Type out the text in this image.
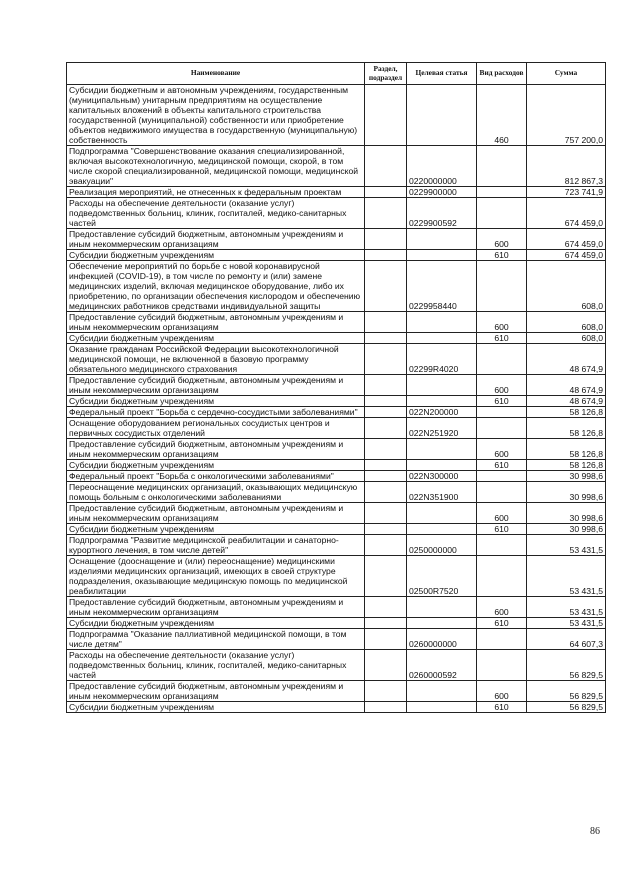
Наименование	Раздел, подраздел	Целевая статья	Вид расходов	Сумма
Субсидии бюджетным и автономным учреждениям, государственным (муниципальным) унитарным предприятиям на осуществление капитальных вложений в объекты капитального строительства государственной (муниципальной) собственности или приобретение объектов недвижимого имущества в государственную (муниципальную) собственность			460	757 200,0
Подпрограмма "Совершенствование оказания специализированной, включая высокотехнологичную, медицинской помощи, скорой, в том числе скорой специализированной, медицинской помощи, медицинской эвакуации"		0220000000		812 867,3
Реализация мероприятий, не отнесенных к федеральным проектам		0229900000		723 741,9
Расходы на обеспечение деятельности (оказание услуг) подведомственных больниц, клиник, госпиталей, медико-санитарных частей		0229900592		674 459,0
Предоставление субсидий бюджетным, автономным учреждениям и иным некоммерческим организациям			600	674 459,0
Субсидии бюджетным учреждениям			610	674 459,0
Обеспечение мероприятий по борьбе с новой коронавирусной инфекцией (COVID-19), в том числе по ремонту и (или) замене медицинских изделий, включая медицинское оборудование, либо их приобретению, по организации обеспечения кислородом и обеспечению медицинских работников средствами индивидуальной защиты		0229958440		608,0
Предоставление субсидий бюджетным, автономным учреждениям и иным некоммерческим организациям			600	608,0
Субсидии бюджетным учреждениям			610	608,0
Оказание гражданам Российской Федерации высокотехнологичной медицинской помощи, не включенной в базовую программу обязательного медицинского страхования		02299R4020		48 674,9
Предоставление субсидий бюджетным, автономным учреждениям и иным некоммерческим организациям			600	48 674,9
Субсидии бюджетным учреждениям			610	48 674,9
Федеральный проект "Борьба с сердечно-сосудистыми заболеваниями"		022N200000		58 126,8
Оснащение оборудованием региональных сосудистых центров и первичных сосудистых отделений		022N251920		58 126,8
Предоставление субсидий бюджетным, автономным учреждениям и иным некоммерческим организациям			600	58 126,8
Субсидии бюджетным учреждениям			610	58 126,8
Федеральный проект "Борьба с онкологическими заболеваниями"		022N300000		30 998,6
Переоснащение медицинских организаций, оказывающих медицинскую помощь больным с онкологическими заболеваниями		022N351900		30 998,6
Предоставление субсидий бюджетным, автономным учреждениям и иным некоммерческим организациям			600	30 998,6
Субсидии бюджетным учреждениям			610	30 998,6
Подпрограмма "Развитие медицинской реабилитации и санаторно-курортного лечения, в том числе детей"		0250000000		53 431,5
Оснащение (дооснащение и (или) переоснащение) медицинскими изделиями медицинских организаций, имеющих в своей структуре подразделения, оказывающие медицинскую помощь по медицинской реабилитации		02500R7520		53 431,5
Предоставление субсидий бюджетным, автономным учреждениям и иным некоммерческим организациям			600	53 431,5
Субсидии бюджетным учреждениям			610	53 431,5
Подпрограмма "Оказание паллиативной медицинской помощи, в том числе детям"		0260000000		64 607,3
Расходы на обеспечение деятельности (оказание услуг) подведомственных больниц, клиник, госпиталей, медико-санитарных частей		0260000592		56 829,5
Предоставление субсидий бюджетным, автономным учреждениям и иным некоммерческим организациям			600	56 829,5
Субсидии бюджетным учреждениям			610	56 829,5
86
